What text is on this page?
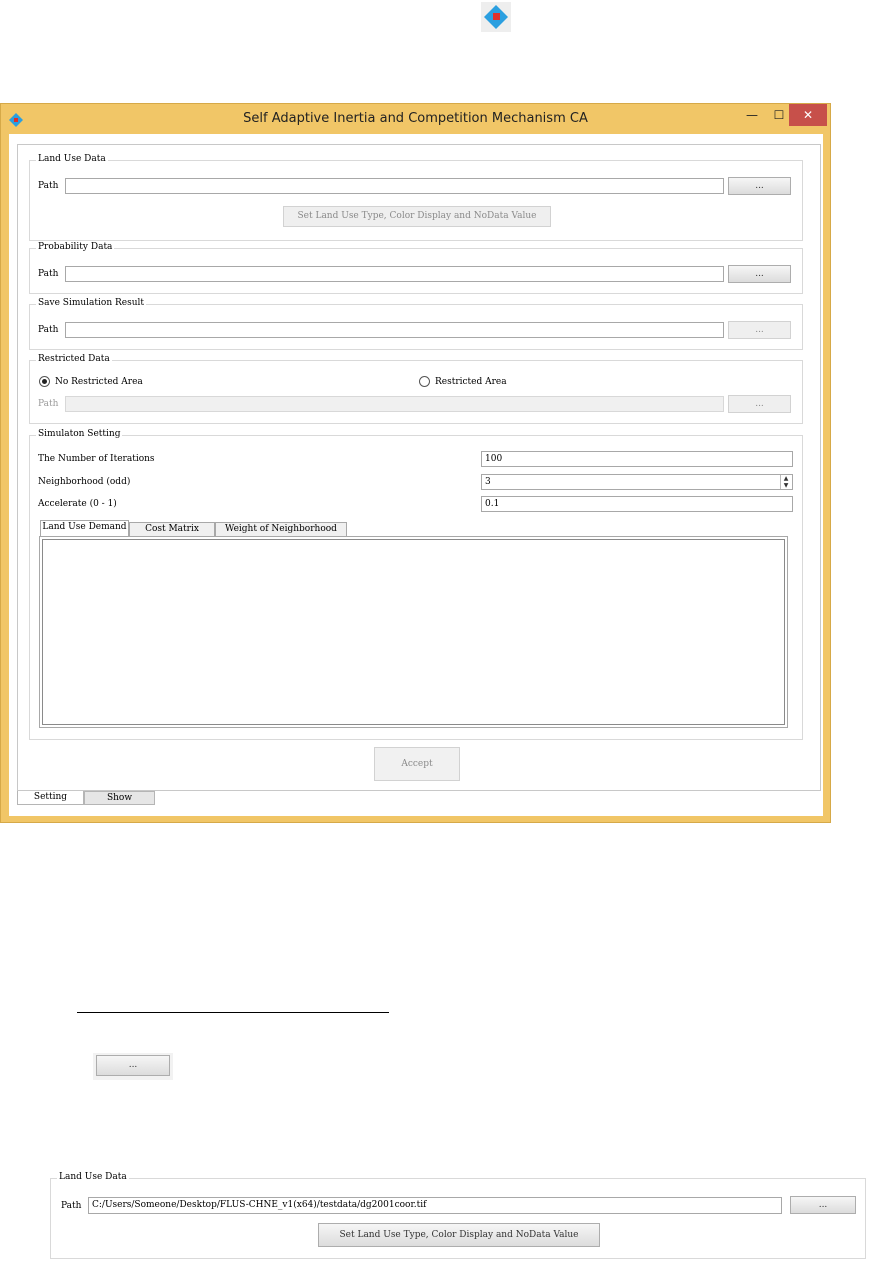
Self Adaptive Inertia and Competition Mechanism CA	—	☐	✕
Land Use Data
Path	...
Set Land Use Type, Color Display and NoData Value
Probability Data
Path	...
Save Simulation Result
Path	...
Restricted Data
No Restricted Area	Restricted Area
Path	...
Simulaton Setting
The Number of Iterations	100
Neighborhood (odd)	3	▲
▼
Accelerate (0 - 1)	0.1
Land Use Demand	Cost Matrix	Weight of Neighborhood
Accept
Setting	Show
...
Land Use Data
Path	C:/Users/Someone/Desktop/FLUS-CHNE_v1(x64)/testdata/dg2001coor.tif	...
Set Land Use Type, Color Display and NoData Value
